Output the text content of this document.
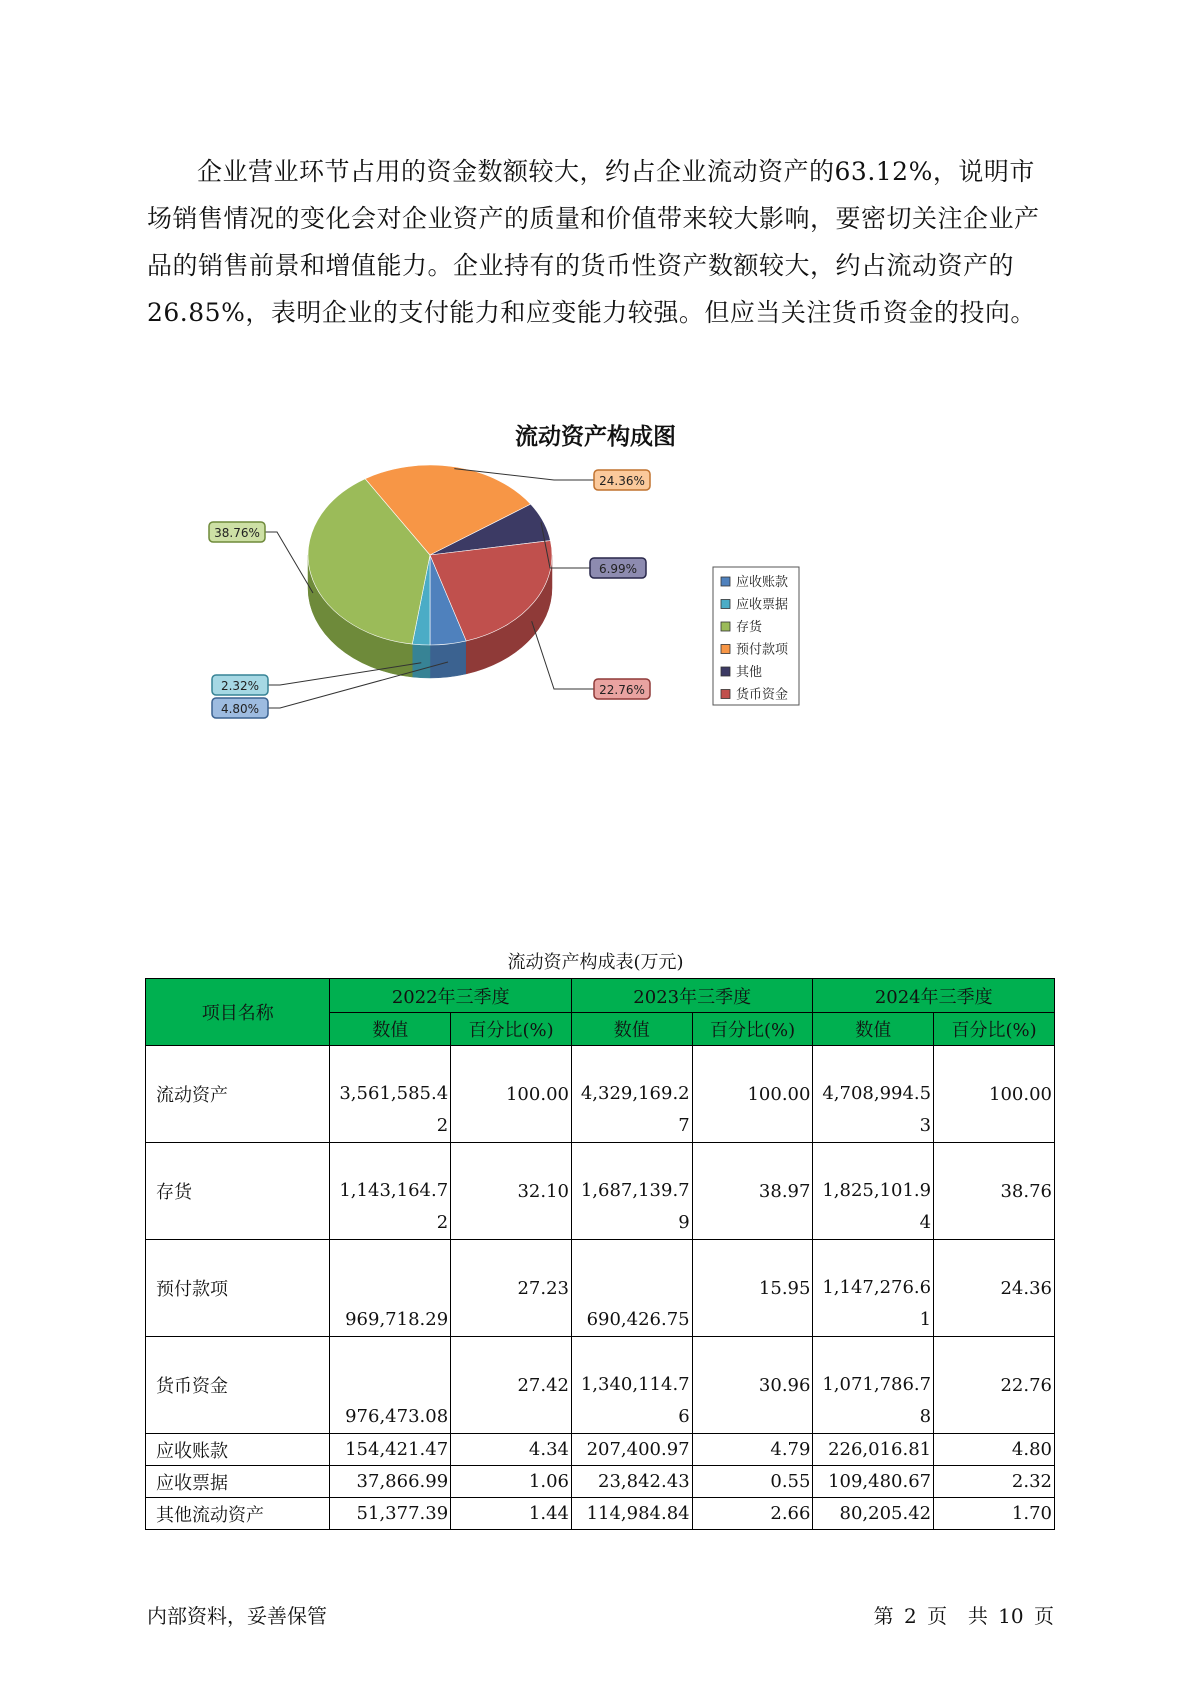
企业营业环节占用的资金数额较大，约占企业流动资产的63.12%，说明市场销售情况的变化会对企业资产的质量和价值带来较大影响，要密切关注企业产品的销售前景和增值能力。企业持有的货币性资产数额较大，约占流动资产的26.85%，表明企业的支付能力和应变能力较强。但应当关注货币资金的投向。
流动资产构成图
4.80%
2.32%
38.76%
24.36%
6.99%
22.76%
应收账款
应收票据
存货
预付款项
其他
货币资金
流动资产构成表(万元)
项目名称	2022年三季度		2023年三季度		2024年三季度	
	数值	百分比(%)	数值	百分比(%)	数值	百分比(%)
流动资产	3,561,585.42	100.00	4,329,169.27	100.00	4,708,994.53	100.00
存货	1,143,164.72	32.10	1,687,139.79	38.97	1,825,101.94	38.76
预付款项	969,718.29	27.23	690,426.75	15.95	1,147,276.61	24.36
货币资金	976,473.08	27.42	1,340,114.76	30.96	1,071,786.78	22.76
应收账款	154,421.47	4.34	207,400.97	4.79	226,016.81	4.80
应收票据	37,866.99	1.06	23,842.43	0.55	109,480.67	2.32
其他流动资产	51,377.39	1.44	114,984.84	2.66	80,205.42	1.70
内部资料，妥善保管	第 2 页  共 10 页
